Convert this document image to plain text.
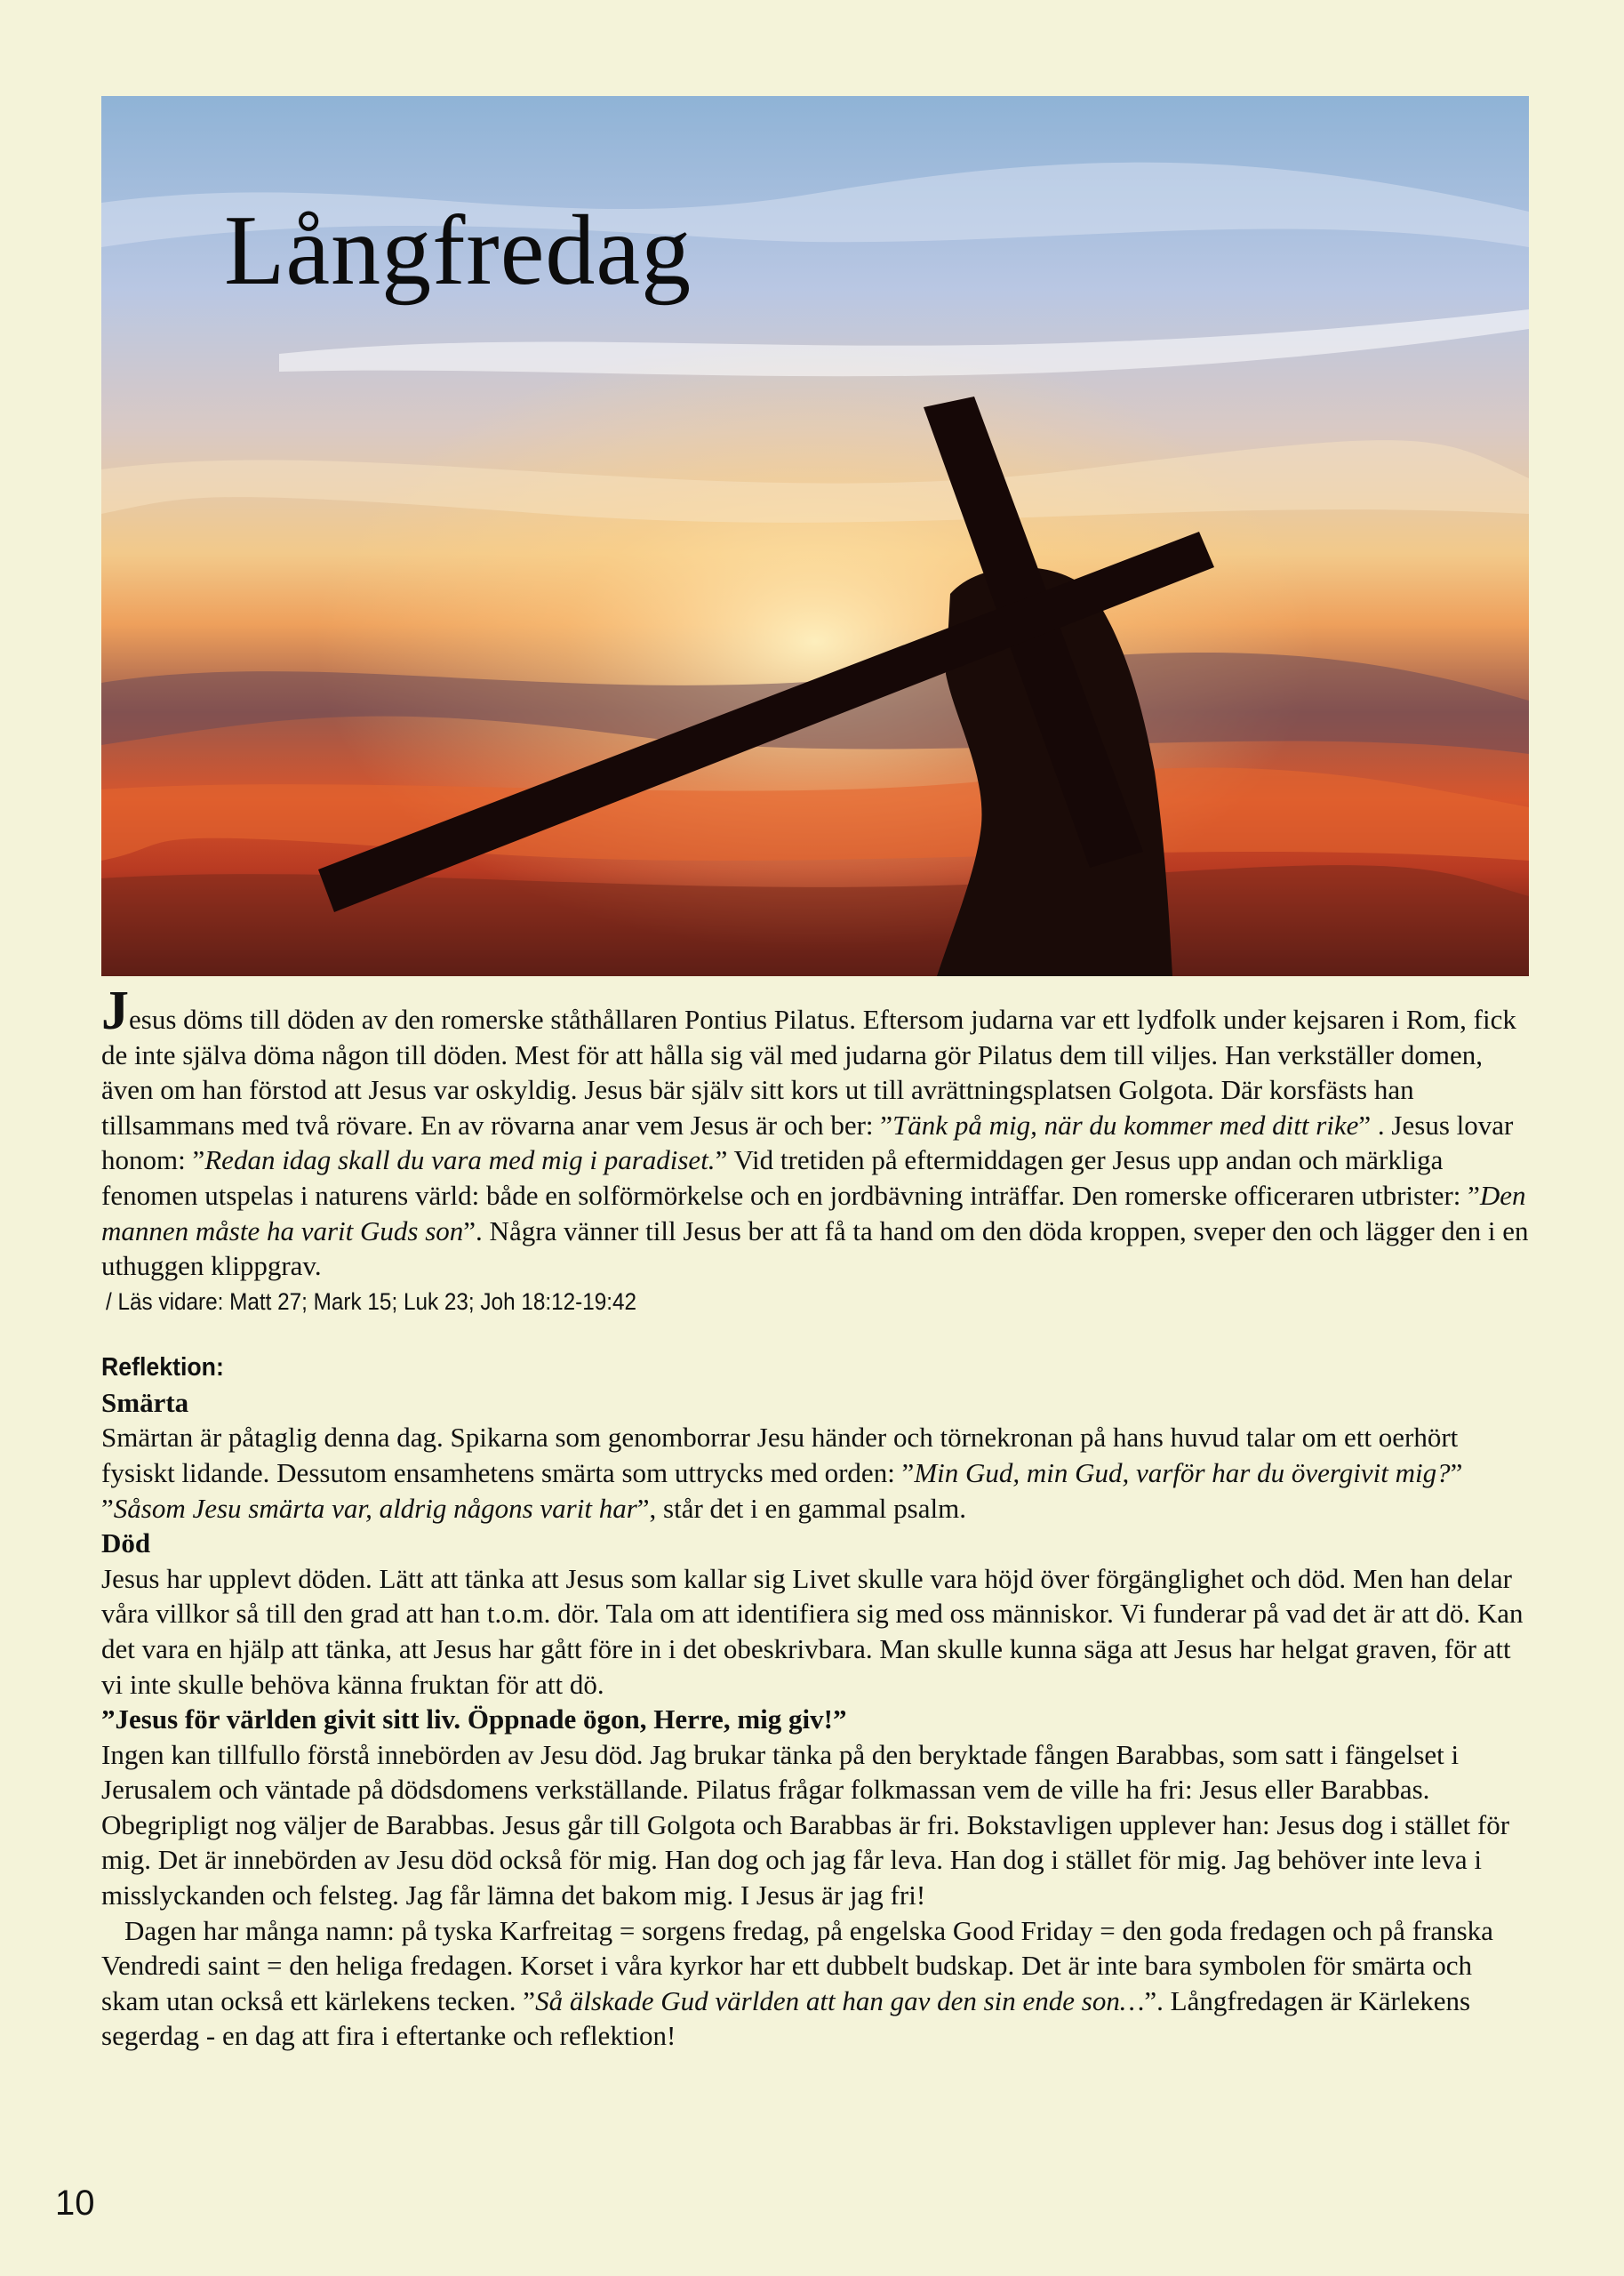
Långfredag

Jesus döms till döden av den romerske ståthållaren Pontius Pilatus. Eftersom judarna var ett lydfolk under kejsaren i Rom, fick de inte själva döma någon till döden. Mest för att hålla sig väl med judarna gör Pilatus dem till viljes. Han verkställer domen, även om han förstod att Jesus var oskyldig. Jesus bär själv sitt kors ut till avrättningsplatsen Golgota. Där korsfästs han tillsammans med två rövare. En av rövarna anar vem Jesus är och ber: ”Tänk på mig, när du kommer med ditt rike” . Jesus lovar honom: ”Redan idag skall du vara med mig i paradiset.” Vid tretiden på eftermiddagen ger Jesus upp andan och märkliga fenomen utspelas i naturens värld: både en solförmörkelse och en jordbävning inträffar. Den romerske officeraren utbrister: ”Den mannen måste ha varit Guds son”. Några vänner till Jesus ber att få ta hand om den döda kroppen, sveper den och lägger den i en uthuggen klippgrav.

/ Läs vidare: Matt 27; Mark 15; Luk 23; Joh 18:12-19:42

Reflektion:

Smärta

Smärtan är påtaglig denna dag. Spikarna som genomborrar Jesu händer och törnekronan på hans huvud talar om ett oerhört fysiskt lidande. Dessutom ensamhetens smärta som uttrycks med orden: ”Min Gud, min Gud, varför har du övergivit mig?” ”Såsom Jesu smärta var, aldrig någons varit har”, står det i en gammal psalm.

Död

Jesus har upplevt döden. Lätt att tänka att Jesus som kallar sig Livet skulle vara höjd över förgänglighet och död. Men han delar våra villkor så till den grad att han t.o.m. dör. Tala om att identifiera sig med oss människor. Vi funderar på vad det är att dö. Kan det vara en hjälp att tänka, att Jesus har gått före in i det obeskrivbara. Man skulle kunna säga att Jesus har helgat graven, för att vi inte skulle behöva känna fruktan för att dö.

”Jesus för världen givit sitt liv. Öppnade ögon, Herre, mig giv!”

Ingen kan tillfullo förstå innebörden av Jesu död. Jag brukar tänka på den beryktade fången Barabbas, som satt i fängelset i Jerusalem och väntade på dödsdomens verkställande. Pilatus frågar folkmassan vem de ville ha fri: Jesus eller Barabbas. Obegripligt nog väljer de Barabbas. Jesus går till Golgota och Barabbas är fri. Bokstavligen upplever han: Jesus dog i stället för mig. Det är innebörden av Jesu död också för mig. Han dog och jag får leva. Han dog i stället för mig. Jag behöver inte leva i misslyckanden och felsteg. Jag får lämna det bakom mig. I Jesus är jag fri!

Dagen har många namn: på tyska Karfreitag = sorgens fredag, på engelska Good Friday = den goda fredagen och på franska Vendredi saint = den heliga fredagen. Korset i våra kyrkor har ett dubbelt budskap. Det är inte bara symbolen för smärta och skam utan också ett kärlekens tecken. ”Så älskade Gud världen att han gav den sin ende son…”. Långfredagen är Kärlekens segerdag - en dag att fira i eftertanke och reflektion!

10
